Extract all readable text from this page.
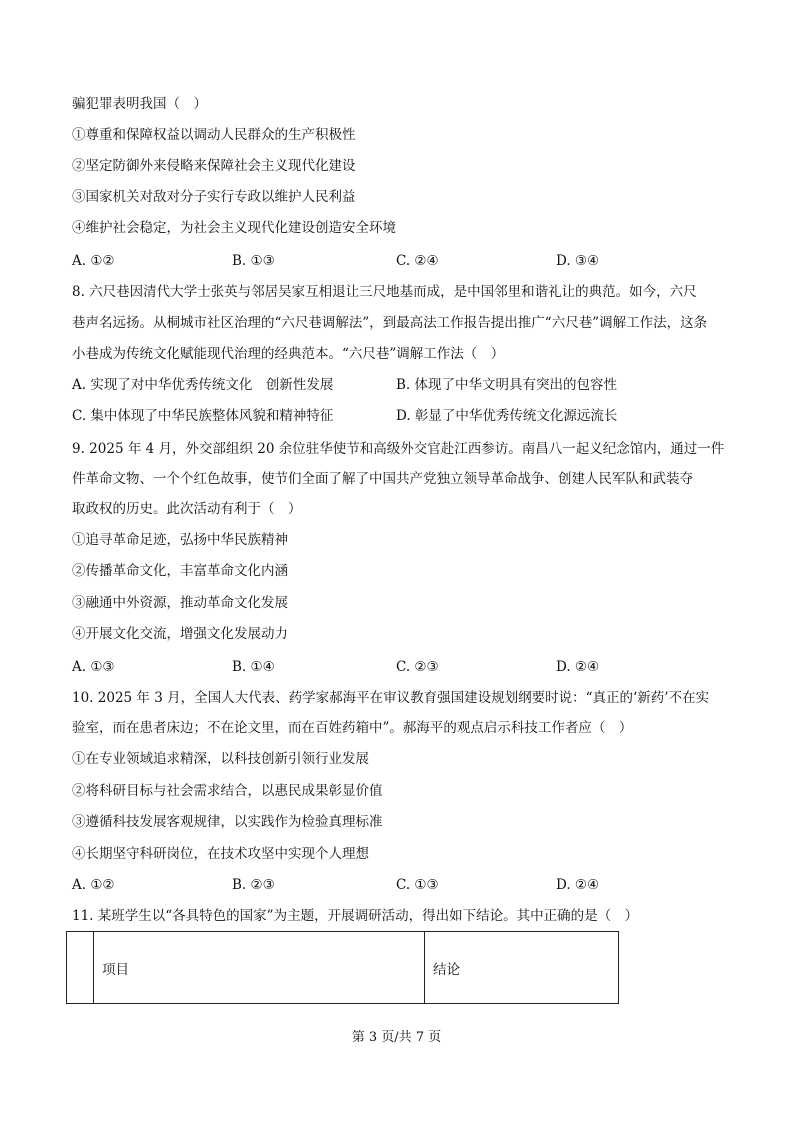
骗犯罪表明我国（　）
①尊重和保障权益以调动人民群众的生产积极性
②坚定防御外来侵略来保障社会主义现代化建设
③国家机关对敌对分子实行专政以维护人民利益
④维护社会稳定，为社会主义现代化建设创造安全环境
A. ①②	B. ①③	C. ②④	D. ③④
8. 六尺巷因清代大学士张英与邻居吴家互相退让三尺地基而成，是中国邻里和谐礼让的典范。如今，六尺
巷声名远扬。从桐城市社区治理的“六尺巷调解法”，到最高法工作报告提出推广“六尺巷”调解工作法，这条
小巷成为传统文化赋能现代治理的经典范本。“六尺巷”调解工作法（　）
A. 实现了对中华优秀传统文化　创新性发展	B. 体现了中华文明具有突出的包容性
C. 集中体现了中华民族整体风貌和精神特征	D. 彰显了中华优秀传统文化源远流长
9. 2025 年 4 月，外交部组织 20 余位驻华使节和高级外交官赴江西参访。南昌八一起义纪念馆内，通过一件
件革命文物、一个个红色故事，使节们全面了解了中国共产党独立领导革命战争、创建人民军队和武装夺
取政权的历史。此次活动有利于（　）
①追寻革命足迹，弘扬中华民族精神
②传播革命文化，丰富革命文化内涵
③融通中外资源，推动革命文化发展
④开展文化交流，增强文化发展动力
A. ①③	B. ①④	C. ②③	D. ②④
10. 2025 年 3 月，全国人大代表、药学家郝海平在审议教育强国建设规划纲要时说：“真正的‘新药’不在实
验室，而在患者床边；不在论文里，而在百姓药箱中”。郝海平的观点启示科技工作者应（　）
①在专业领域追求精深，以科技创新引领行业发展
②将科研目标与社会需求结合，以惠民成果彰显价值
③遵循科技发展客观规律，以实践作为检验真理标准
④长期坚守科研岗位，在技术攻坚中实现个人理想
A. ①②	B. ②③	C. ①③	D. ②④
11. 某班学生以“各具特色的国家”为主题，开展调研活动，得出如下结论。其中正确的是（　）
项目	结论
第 3 页/共 7 页
